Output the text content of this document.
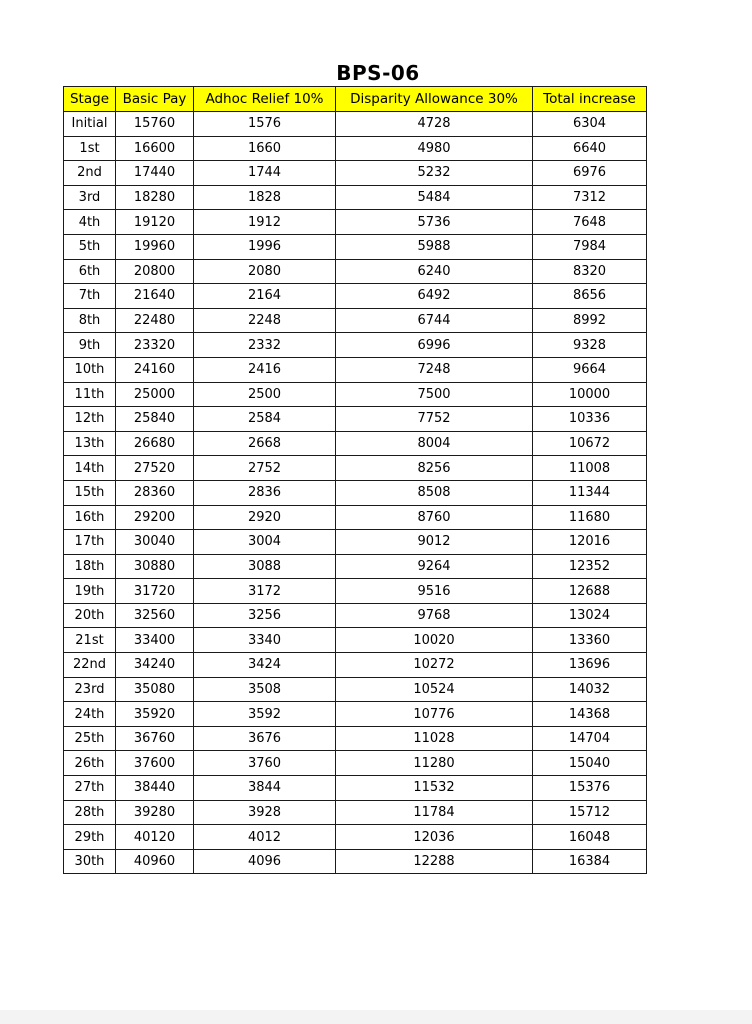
BPS-06
Stage	Basic Pay	Adhoc Relief 10%	Disparity Allowance 30%	Total increase
Initial	15760	1576	4728	6304
1st	16600	1660	4980	6640
2nd	17440	1744	5232	6976
3rd	18280	1828	5484	7312
4th	19120	1912	5736	7648
5th	19960	1996	5988	7984
6th	20800	2080	6240	8320
7th	21640	2164	6492	8656
8th	22480	2248	6744	8992
9th	23320	2332	6996	9328
10th	24160	2416	7248	9664
11th	25000	2500	7500	10000
12th	25840	2584	7752	10336
13th	26680	2668	8004	10672
14th	27520	2752	8256	11008
15th	28360	2836	8508	11344
16th	29200	2920	8760	11680
17th	30040	3004	9012	12016
18th	30880	3088	9264	12352
19th	31720	3172	9516	12688
20th	32560	3256	9768	13024
21st	33400	3340	10020	13360
22nd	34240	3424	10272	13696
23rd	35080	3508	10524	14032
24th	35920	3592	10776	14368
25th	36760	3676	11028	14704
26th	37600	3760	11280	15040
27th	38440	3844	11532	15376
28th	39280	3928	11784	15712
29th	40120	4012	12036	16048
30th	40960	4096	12288	16384
